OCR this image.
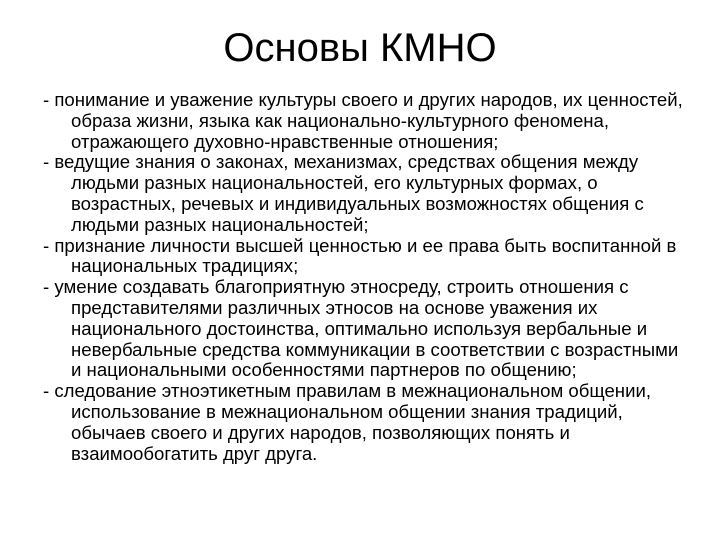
Основы КМНО
- понимание и уважение культуры своего и других народов, их ценностей, образа жизни, языка как национально-культурного феномена, отражающего духовно-нравственные отношения;
- ведущие знания о законах, механизмах, средствах общения между людьми разных национальностей, его культурных формах, о возрастных, речевых и индивидуальных возможностях общения с людьми разных национальностей;
- признание личности высшей ценностью и ее права быть воспитанной в национальных традициях;
- умение создавать благоприятную этносреду, строить отношения с представителями различных этносов на основе уважения их национального достоинства, оптимально используя вербальные и невербальные средства коммуникации в соответствии с возрастными и национальными особенностями партнеров по общению;
- следование этноэтикетным правилам в межнациональном общении, использование в межнациональном общении знания традиций, обычаев своего и других народов, позволяющих понять и взаимообогатить друг друга.
